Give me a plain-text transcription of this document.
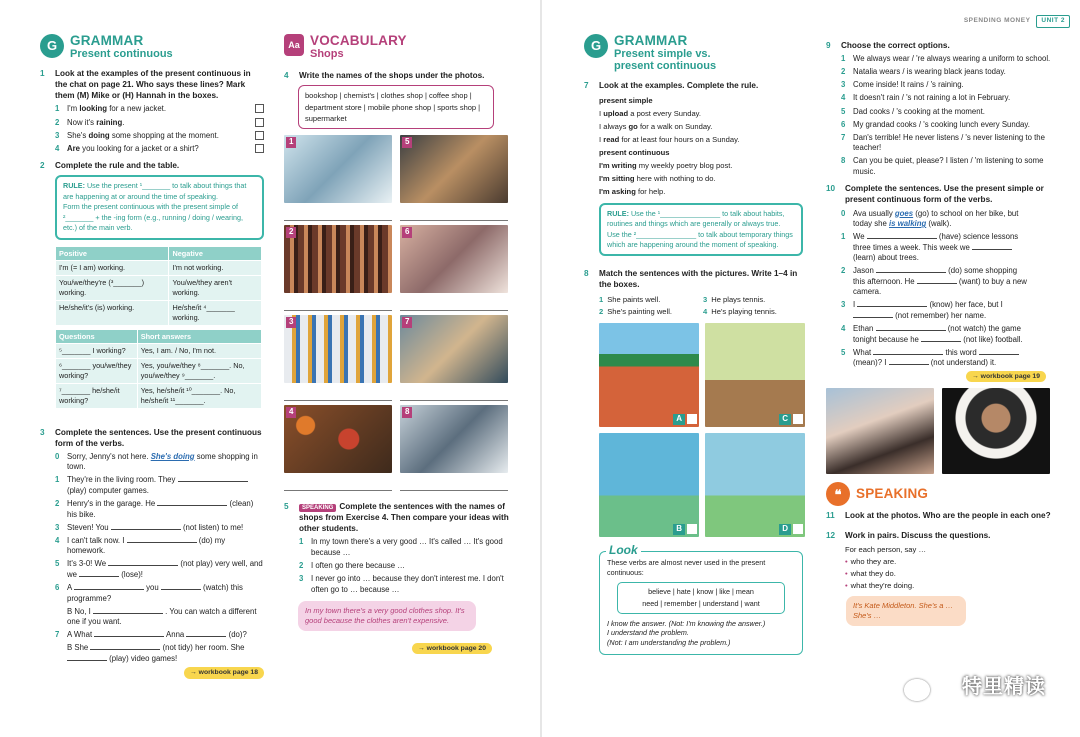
G GRAMMAR
Present continuous
1	Look at the examples of the present continuous in the chat on page 21. Who says these lines? Mark them (M) Mike or (H) Hannah in the boxes.
1 I'm looking for a new jacket.
2 Now it's raining.
3 She's doing some shopping at the moment.
4 Are you looking for a jacket or a shirt?
2	Complete the rule and the table.
RULE: Use the present ¹_______ to talk about things that are happening at or around the time of speaking.
Form the present continuous with the present simple of ²_______ + the -ing form (e.g., running / doing / wearing, etc.) of the main verb.
Positive	Negative
I'm (= I am) working.	I'm not working.
You/we/they're (³_______) working.	You/we/they aren't working.
He/she/it's (is) working.	He/she/it ⁴_______ working.
Questions	Short answers
⁵_______ I working?	Yes, I am. / No, I'm not.
⁶_______ you/we/they working?	Yes, you/we/they ⁸_______. No, you/we/they ⁹_______.
⁷_______ he/she/it working?	Yes, he/she/it ¹⁰_______. No, he/she/it ¹¹_______.
3	Complete the sentences. Use the present continuous form of the verbs.
0 Sorry, Jenny's not here. She's doing some shopping in town.
1 They're in the living room. They  (play) computer games.
2 Henry's in the garage. He	(clean) his bike.
3 Steven! You	(not listen) to me!
4 I can't talk now. I	(do) my homework.
5 It's 3-0! We	(not play) very well, and we	(lose)!
6 A	you	(watch) this programme?
B No, I	. You can watch a different one if you want.
7 A What	Anna	(do)?
B She	(not tidy) her room. She  (play) video games!
→ workbook page 18
Aa VOCABULARY
Shops
4	Write the names of the shops under the photos.
bookshop | chemist's | clothes shop | coffee shop | department store | mobile phone shop | sports shop | supermarket
1	5
2	6
3	7
4	8
5	SPEAKING Complete the sentences with the names of shops from Exercise 4. Then compare your ideas with other students.
1 In my town there's a very good … It's called … It's good because …
2 I often go there because …
3 I never go into … because they don't interest me. I don't often go to … because …
In my town there's a very good clothes shop. It's good because the clothes aren't expensive.
→ workbook page 20
SPENDING MONEY	UNIT 2
G GRAMMAR
Present simple vs. present continuous
7	Look at the examples. Complete the rule.
present simple
I upload a post every Sunday.
I always go for a walk on Sunday.
I read for at least four hours on a Sunday.
present continuous
I'm writing my weekly poetry blog post.
I'm sitting here with nothing to do.
I'm asking for help.
RULE: Use the ¹_______________ to talk about habits, routines and things which are generally or always true.
Use the ²_______________ to talk about temporary things which are happening around the moment of speaking.
8	Match the sentences with the pictures. Write 1–4 in the boxes.
1 She paints well.	3 He plays tennis.
2 She's painting well.	4 He's playing tennis.
A	C
B	D
Look
These verbs are almost never used in the present continuous:
believe | hate | know | like | mean
need | remember | understand | want
I know the answer. (Not: I'm knowing the answer.)
I understand the problem.
(Not: I am understanding the problem.)
9	Choose the correct options.
1 We always wear / 're always wearing a uniform to school.
2 Natalia wears / is wearing black jeans today.
3 Come inside! It rains / 's raining.
4 It doesn't rain / 's not raining a lot in February.
5 Dad cooks / 's cooking at the moment.
6 My grandad cooks / 's cooking lunch every Sunday.
7 Dan's terrible! He never listens / 's never listening to the teacher!
8 Can you be quiet, please? I listen / 'm listening to some music.
10	Complete the sentences. Use the present simple or present continuous form of the verbs.
0 Ava usually goes (go) to school on her bike, but today she is walking (walk).
1 We	(have) science lessons three times a week. This week we  (learn) about trees.
2 Jason	(do) some shopping this afternoon. He	(want) to buy a new camera.
3 I	(know) her face, but I  (not remember) her name.
4 Ethan	(not watch) the game tonight because he	(not like) football.
5 What	this word  (mean)? I	(not understand) it.
→ workbook page 19
❝	SPEAKING
11	Look at the photos. Who are the people in each one?
12	Work in pairs. Discuss the questions.
For each person, say …
• who they are.
• what they do.
• what they're doing.
It's Kate Middleton. She's a … She's …
特里精读
